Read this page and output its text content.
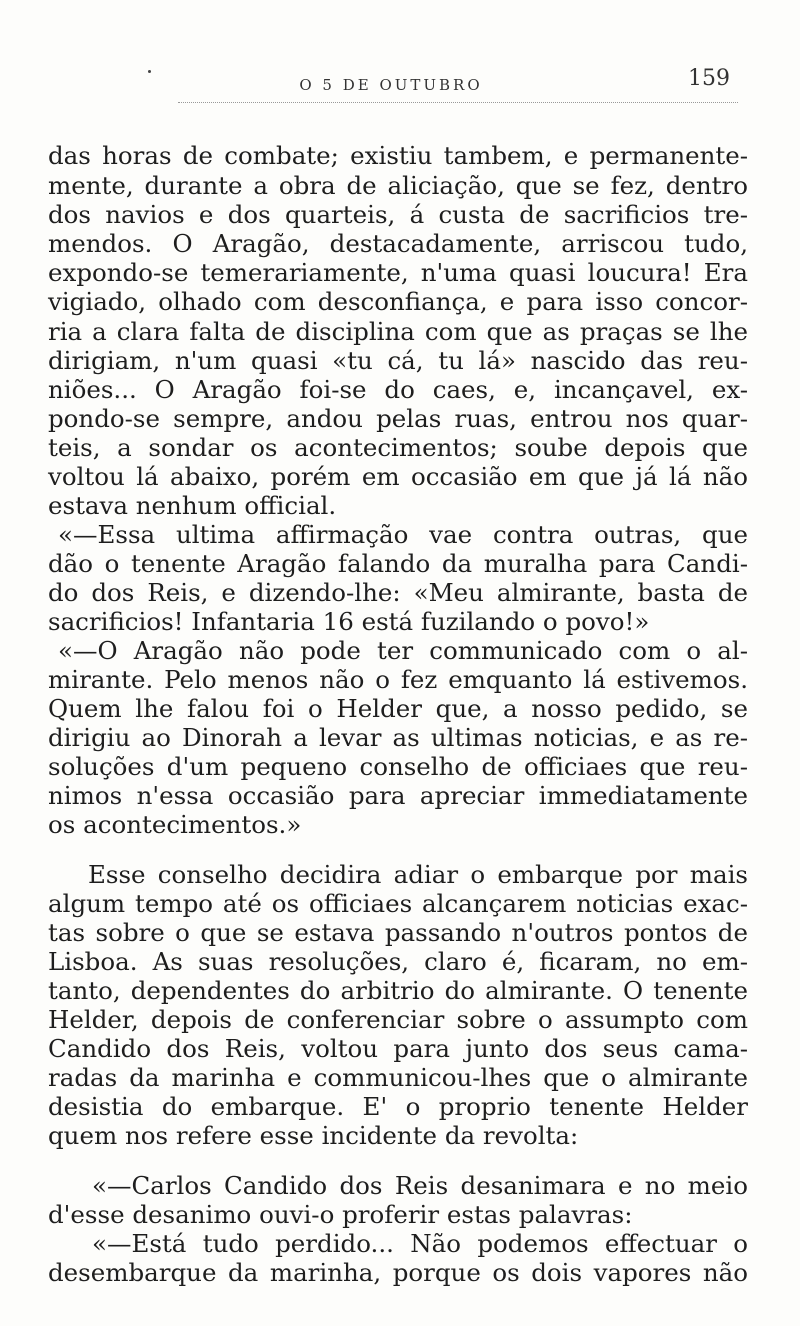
O 5 DE OUTUBRO	159
das horas de combate; existiu tambem, e permanente-
mente, durante a obra de aliciação, que se fez, dentro
dos navios e dos quarteis, á custa de sacrificios tre-
mendos. O Aragão, destacadamente, arriscou tudo,
expondo-se temerariamente, n'uma quasi loucura! Era
vigiado, olhado com desconfiança, e para isso concor-
ria a clara falta de disciplina com que as praças se lhe
dirigiam, n'um quasi «tu cá, tu lá» nascido das reu-
niões... O Aragão foi-se do caes, e, incançavel, ex-
pondo-se sempre, andou pelas ruas, entrou nos quar-
teis, a sondar os acontecimentos; soube depois que
voltou lá abaixo, porém em occasião em que já lá não
estava nenhum official.
«—Essa ultima affirmação vae contra outras, que
dão o tenente Aragão falando da muralha para Candi-
do dos Reis, e dizendo-lhe: «Meu almirante, basta de
sacrificios! Infantaria 16 está fuzilando o povo!»
«—O Aragão não pode ter communicado com o al-
mirante. Pelo menos não o fez emquanto lá estivemos.
Quem lhe falou foi o Helder que, a nosso pedido, se
dirigiu ao Dinorah a levar as ultimas noticias, e as re-
soluções d'um pequeno conselho de officiaes que reu-
nimos n'essa occasião para apreciar immediatamente
os acontecimentos.»
Esse conselho decidira adiar o embarque por mais
algum tempo até os officiaes alcançarem noticias exac-
tas sobre o que se estava passando n'outros pontos de
Lisboa. As suas resoluções, claro é, ficaram, no em-
tanto, dependentes do arbitrio do almirante. O tenente
Helder, depois de conferenciar sobre o assumpto com
Candido dos Reis, voltou para junto dos seus cama-
radas da marinha e communicou-lhes que o almirante
desistia do embarque. E' o proprio tenente Helder
quem nos refere esse incidente da revolta:
«—Carlos Candido dos Reis desanimara e no meio
d'esse desanimo ouvi-o proferir estas palavras:
«—Está tudo perdido... Não podemos effectuar o
desembarque da marinha, porque os dois vapores não
